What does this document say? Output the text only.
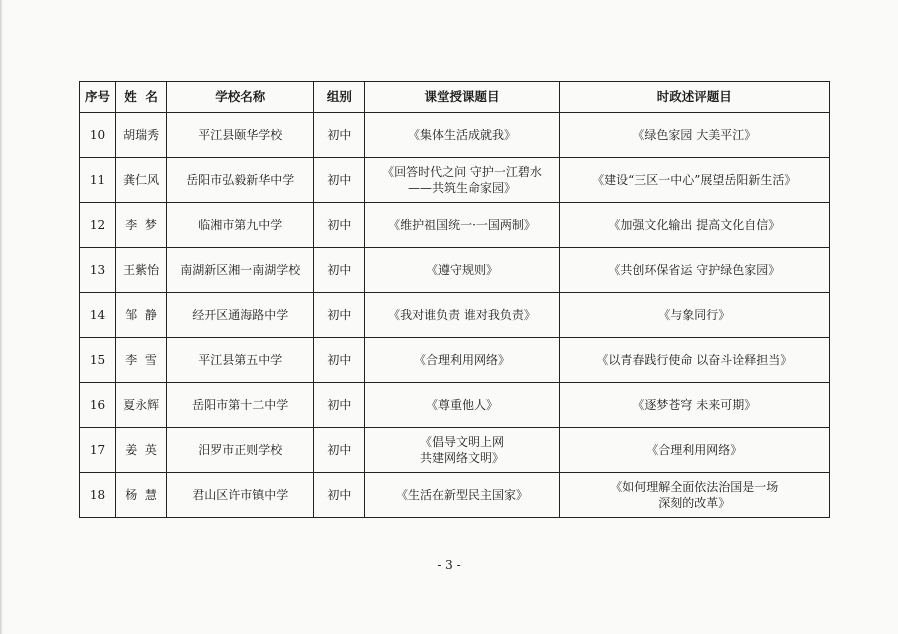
序号	姓  名	学校名称	组别	课堂授课题目	时政述评题目
10	胡瑞秀	平江县颐华学校	初中	《集体生活成就我》	《绿色家园 大美平江》
11	龚仁风	岳阳市弘毅新华中学	初中	《回答时代之问 守护一江碧水
——共筑生命家园》	《建设“三区一中心”展望岳阳新生活》
12	李  梦	临湘市第九中学	初中	《维护祖国统一·一国两制》	《加强文化输出 提高文化自信》
13	王紫怡	南湖新区湘一南湖学校	初中	《遵守规则》	《共创环保省运 守护绿色家园》
14	邹  静	经开区通海路中学	初中	《我对谁负责 谁对我负责》	《与象同行》
15	李  雪	平江县第五中学	初中	《合理利用网络》	《以青春践行使命 以奋斗诠释担当》
16	夏永辉	岳阳市第十二中学	初中	《尊重他人》	《逐梦苍穹 未来可期》
17	姜  英	汨罗市正则学校	初中	《倡导文明上网
共建网络文明》	《合理利用网络》
18	杨  慧	君山区许市镇中学	初中	《生活在新型民主国家》	《如何理解全面依法治国是一场
深刻的改革》
- 3 -
